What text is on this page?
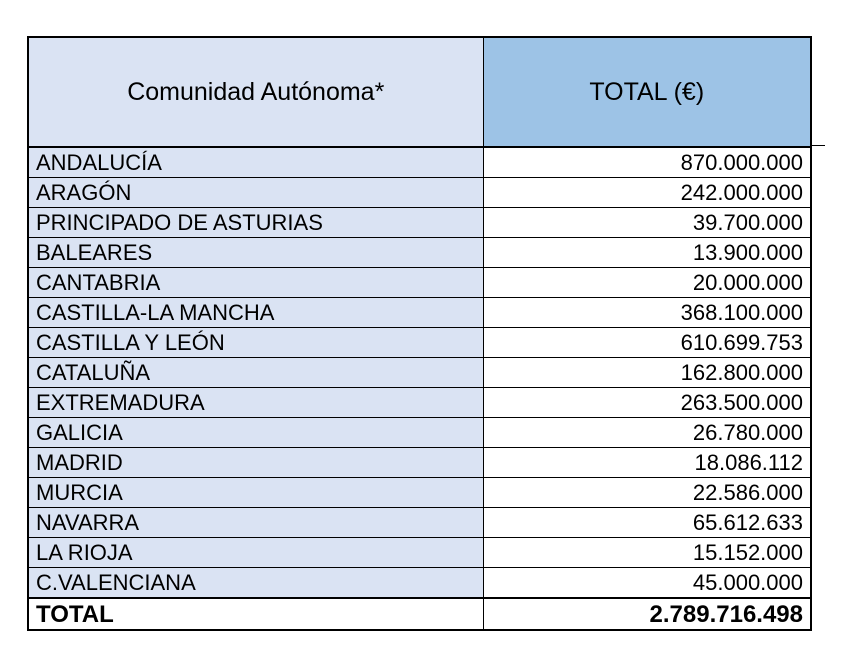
Comunidad Autónoma*	TOTAL (€)
ANDALUCÍA	870.000.000
ARAGÓN	242.000.000
PRINCIPADO DE ASTURIAS	39.700.000
BALEARES	13.900.000
CANTABRIA	20.000.000
CASTILLA-LA MANCHA	368.100.000
CASTILLA Y LEÓN	610.699.753
CATALUÑA	162.800.000
EXTREMADURA	263.500.000
GALICIA	26.780.000
MADRID	18.086.112
MURCIA	22.586.000
NAVARRA	65.612.633
LA RIOJA	15.152.000
C.VALENCIANA	45.000.000
TOTAL	2.789.716.498
